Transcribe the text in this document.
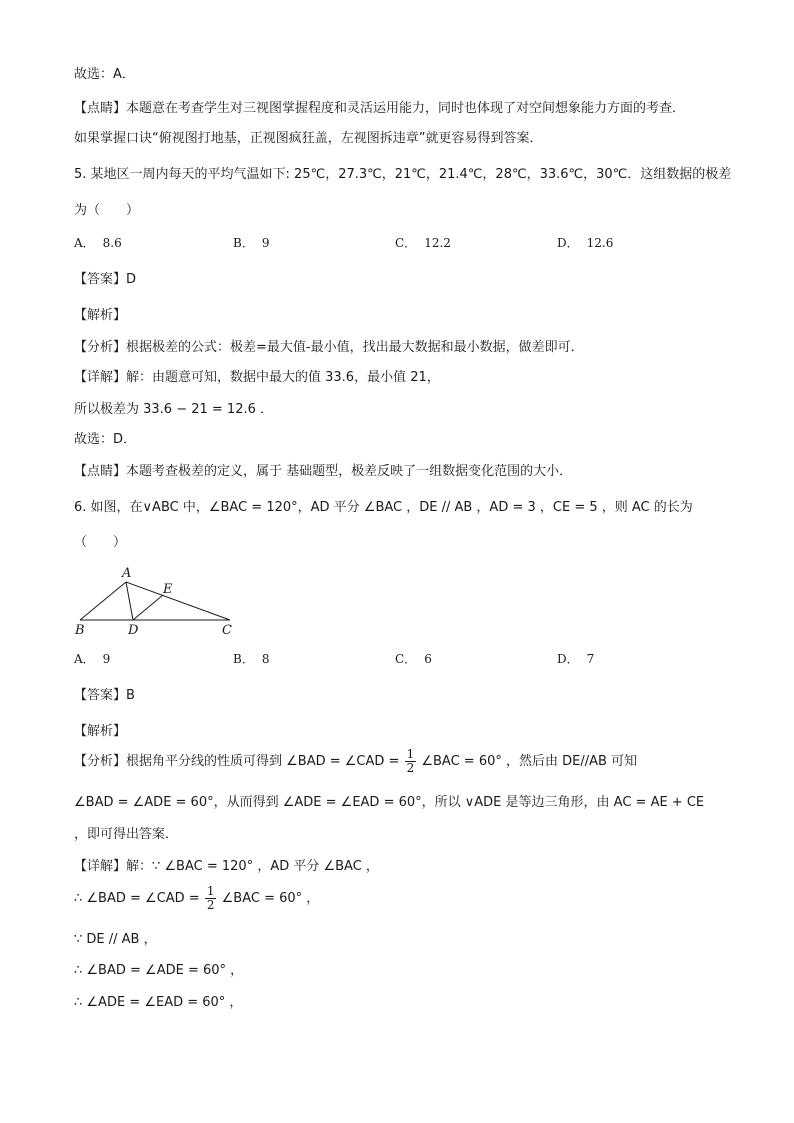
故选：A．
【点睛】本题意在考查学生对三视图掌握程度和灵活运用能力，同时也体现了对空间想象能力方面的考查．
如果掌握口诀“俯视图打地基，正视图疯狂盖，左视图拆违章”就更容易得到答案．
5. 某地区一周内每天的平均气温如下: 25℃，27.3℃，21℃，21.4℃，28℃，33.6℃，30℃．这组数据的极差
为（　　）
A． 8.6	B． 9	C． 12.2	D． 12.6
【答案】D
【解析】
【分析】根据极差的公式：极差=最大值-最小值，找出最大数据和最小数据，做差即可．
【详解】解：由题意可知，数据中最大的值 33.6，最小值 21，
所以极差为 33.6 − 21 = 12.6 ．
故选：D．
【点睛】本题考查极差的定义，属于 基础题型，极差反映了一组数据变化范围的大小．
6. 如图，在∨ABC 中，∠BAC = 120°，AD 平分 ∠BAC ，DE // AB ，AD = 3 ，CE = 5 ，则 AC 的长为
（　　）
A
E
B	D	C
A． 9	B． 8	C． 6	D． 7
【答案】B
【解析】
【分析】根据角平分线的性质可得到 ∠BAD = ∠CAD = $\frac{1}{2}$ ∠BAC = 60° ，然后由 DE//AB 可知
∠BAD = ∠ADE = 60°，从而得到 ∠ADE = ∠EAD = 60°，所以 ∨ADE 是等边三角形，由 AC = AE + CE
，即可得出答案．
【详解】解：∵ ∠BAC = 120° ，AD 平分 ∠BAC ，
∴ ∠BAD = ∠CAD = $\frac{1}{2}$ ∠BAC = 60° ，
∵ DE // AB ，
∴ ∠BAD = ∠ADE = 60° ，
∴ ∠ADE = ∠EAD = 60° ，
